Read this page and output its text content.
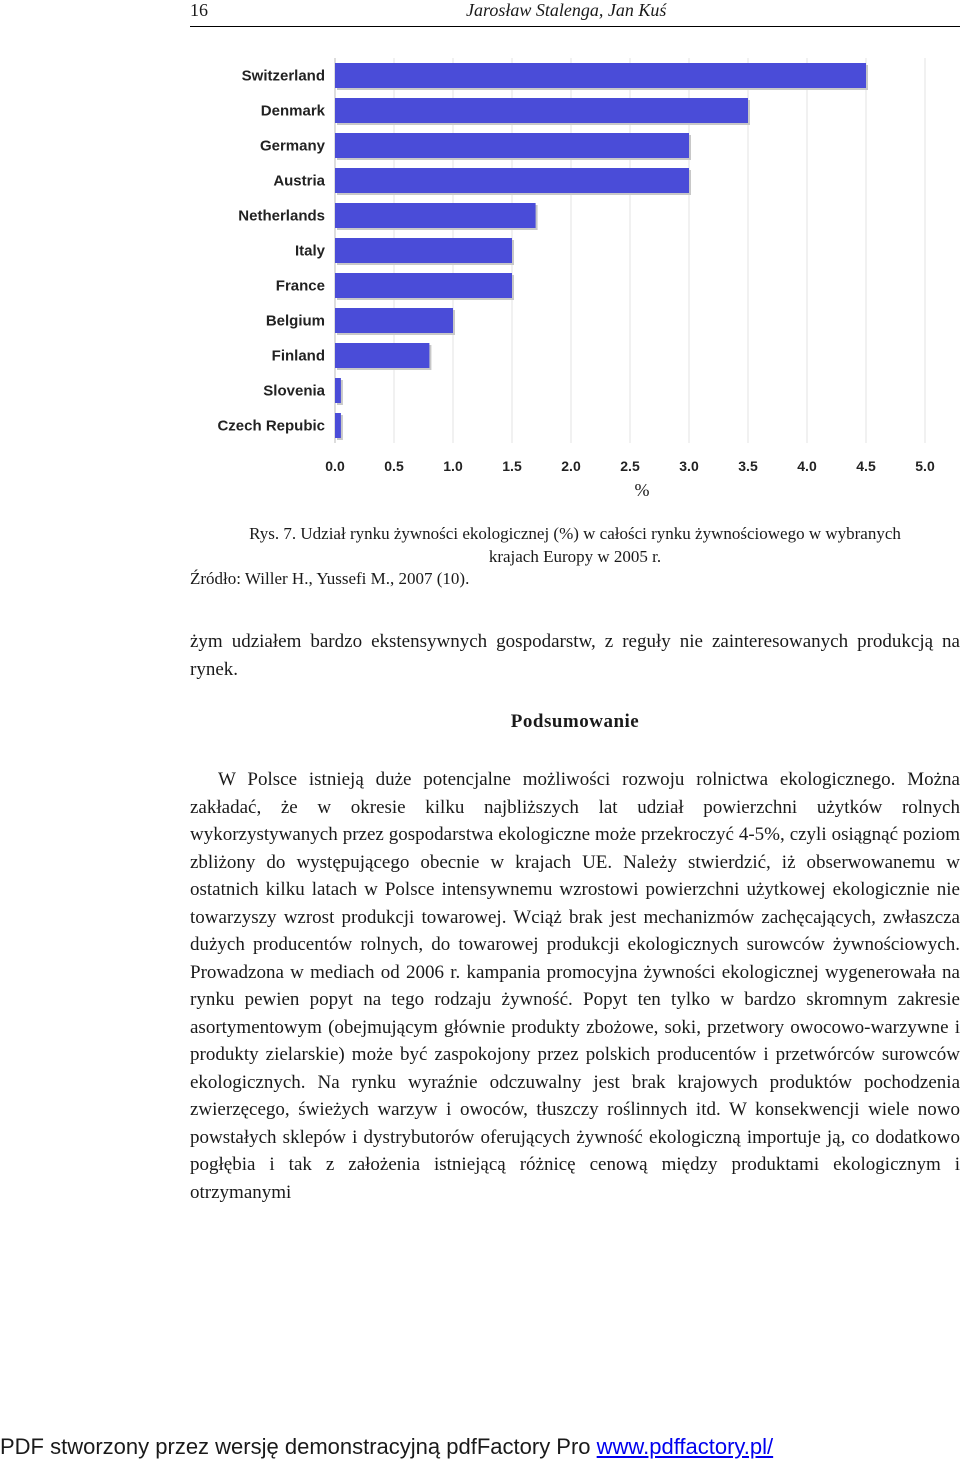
16	Jarosław Stalenga, Jan Kuś
Switzerland
Denmark
Germany
Austria
Netherlands
Italy
France
Belgium
Finland
Slovenia
Czech Repubic
0.0	0.5	1.0	1.5	2.0	2.5	3.0	3.5	4.0	4.5	5.0
%
Rys. 7. Udział rynku żywności ekologicznej (%) w całości rynku żywnościowego w wybranych
krajach Europy w 2005 r.
Źródło: Willer H., Yussefi M., 2007 (10).
żym udziałem bardzo ekstensywnych gospodarstw, z reguły nie zainteresowanych produkcją na rynek.
Podsumowanie
W Polsce istnieją duże potencjalne możliwości rozwoju rolnictwa ekologicznego. Można zakładać, że w okresie kilku najbliższych lat udział powierzchni użytków rolnych wykorzystywanych przez gospodarstwa ekologiczne może przekroczyć 4-5%, czyli osiągnąć poziom zbliżony do występującego obecnie w krajach UE. Należy stwierdzić, iż obserwowanemu w ostatnich kilku latach w Polsce intensywnemu wzrostowi powierzchni użytkowej ekologicznie nie towarzyszy wzrost produkcji towarowej. Wciąż brak jest mechanizmów zachęcających, zwłaszcza dużych producentów rolnych, do towarowej produkcji ekologicznych surowców żywnościowych. Prowadzona w mediach od 2006 r. kampania promocyjna żywności ekologicznej wygenerowała na rynku pewien popyt na tego rodzaju żywność. Popyt ten tylko w bardzo skromnym zakresie asortymentowym (obejmującym głównie produkty zbożowe, soki, przetwory owocowo-warzywne i produkty zielarskie) może być zaspokojony przez polskich producentów i przetwórców surowców ekologicznych. Na rynku wyraźnie odczuwalny jest brak krajowych produktów pochodzenia zwierzęcego, świeżych warzyw i owoców, tłuszczy roślinnych itd. W konsekwencji wiele nowo powstałych sklepów i dystrybutorów oferujących żywność ekologiczną importuje ją, co dodatkowo pogłębia i tak z założenia istniejącą różnicę cenową między produktami ekologicznym i otrzymanymi
PDF stworzony przez wersję demonstracyjną pdfFactory Pro www.pdffactory.pl/
